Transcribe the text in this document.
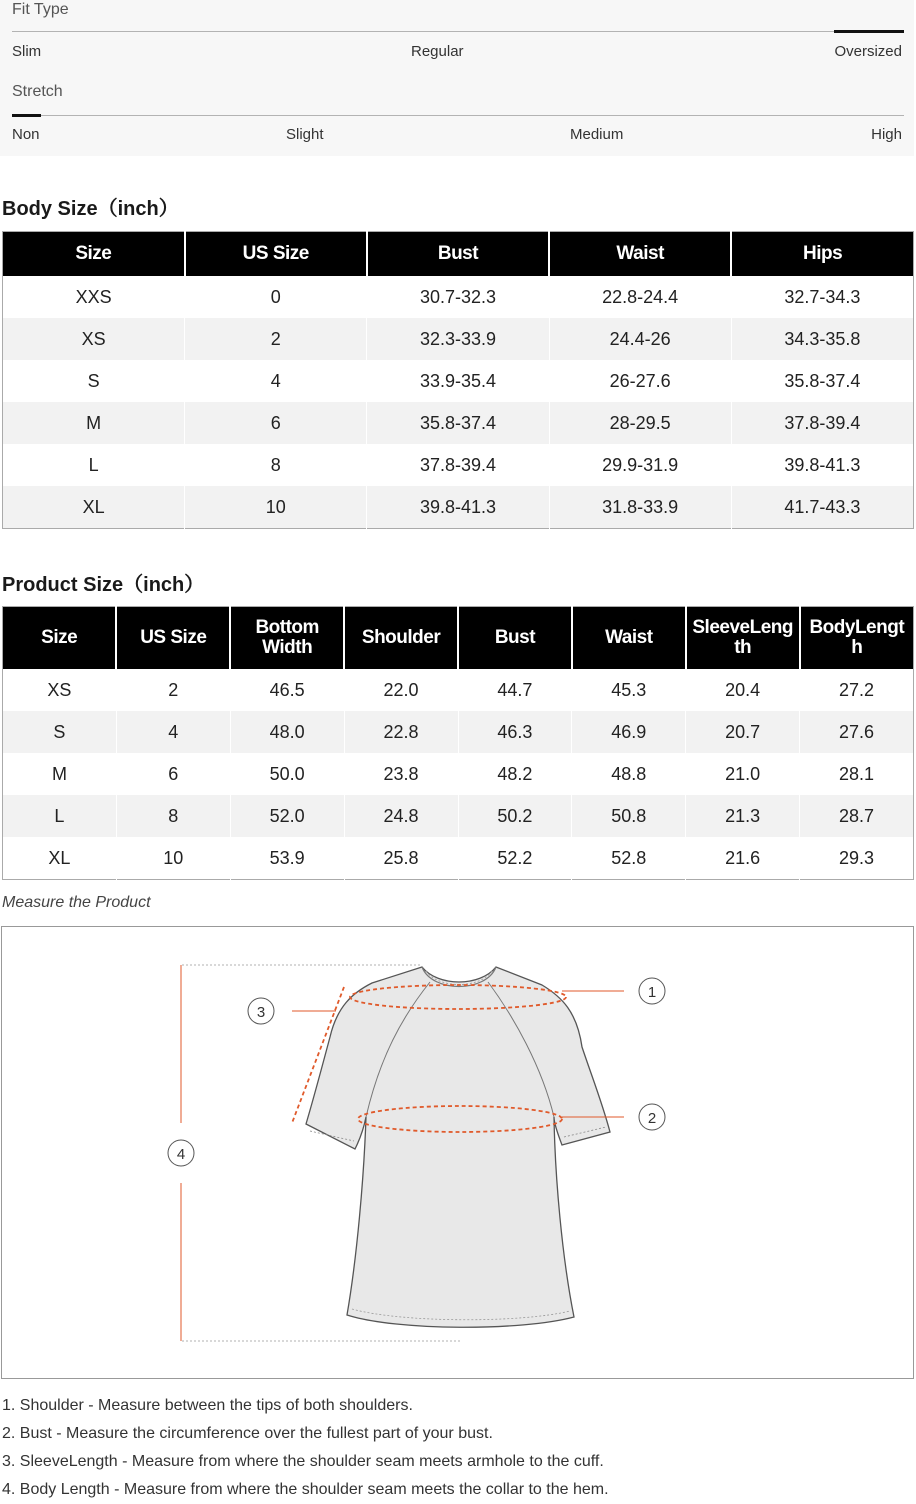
Fit Type
Slim	Regular	Oversized
Stretch
Non	Slight	Medium	High
Body Size（inch）
Size	US Size	Bust	Waist	Hips
XXS	0	30.7-32.3	22.8-24.4	32.7-34.3
XS	2	32.3-33.9	24.4-26	34.3-35.8
S	4	33.9-35.4	26-27.6	35.8-37.4
M	6	35.8-37.4	28-29.5	37.8-39.4
L	8	37.8-39.4	29.9-31.9	39.8-41.3
XL	10	39.8-41.3	31.8-33.9	41.7-43.3
Product Size（inch）
Size	US Size	Bottom Width	Shoulder	Bust	Waist	SleeveLength	BodyLength
XS	2	46.5	22.0	44.7	45.3	20.4	27.2
S	4	48.0	22.8	46.3	46.9	20.7	27.6
M	6	50.0	23.8	48.2	48.8	21.0	28.1
L	8	52.0	24.8	50.2	50.8	21.3	28.7
XL	10	53.9	25.8	52.2	52.8	21.6	29.3
Measure the Product
1
2
3
4
1. Shoulder - Measure between the tips of both shoulders.
2. Bust - Measure the circumference over the fullest part of your bust.
3. SleeveLength - Measure from where the shoulder seam meets armhole to the cuff.
4. Body Length - Measure from where the shoulder seam meets the collar to the hem.
